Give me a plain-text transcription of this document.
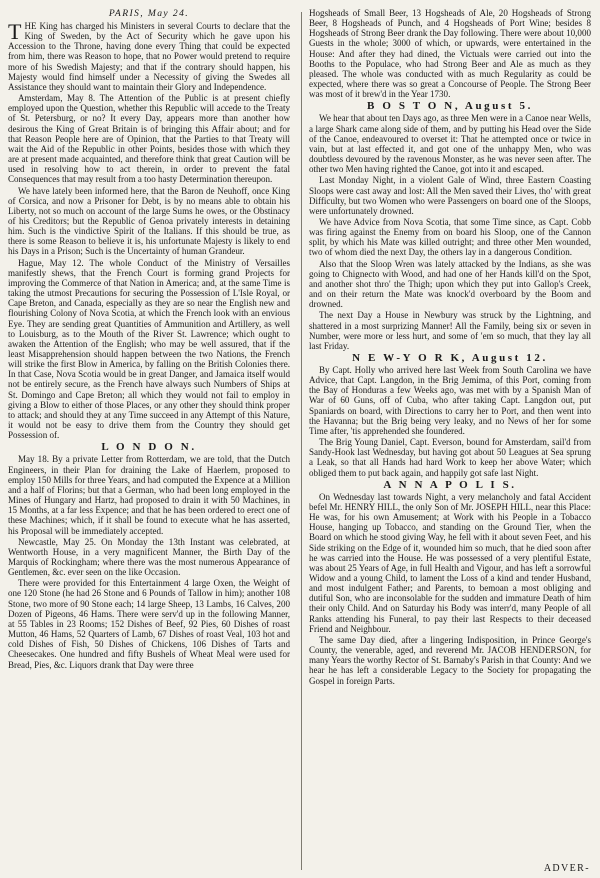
PARIS, May 24.

THE King has charged his Ministers in several Courts to declare that the King of Sweden, by the Act of Security which he gave upon his Accession to the Throne, having done every Thing that could be expected from him, there was Reason to hope, that no Power would pretend to require more of his Swedish Majesty; and that if the contrary should happen, his Majesty would find himself under a Necessity of giving the Swedes all Assistance they should want to maintain their Glory and Independence.

Amsterdam, May 8. The Attention of the Public is at present chiefly employed upon the Question, whether this Republic will accede to the Treaty of St. Petersburg, or no? It every Day, appears more than another how desirous the King of Great Britain is of bringing this Affair about; and for that Reason People here are of Opinion, that the Parties to that Treaty will wait the Aid of the Republic in other Points, besides those with which they are at present made acquainted, and therefore think that great Caution will be used in resolving how to act therein, in order to prevent the fatal Consequences that may result from a too hasty Determination thereupon.

We have lately been informed here, that the Baron de Neuhoff, once King of Corsica, and now a Prisoner for Debt, is by no means able to obtain his Liberty, not so much on account of the large Sums he owes, or the Obstinacy of his Creditors; but the Republic of Genoa privately interests in detaining him. Such is the vindictive Spirit of the Italians. If this should be true, as there is some Reason to believe it is, his unfortunate Majesty is likely to end his Days in a Prison; Such is the Uncertainty of human Grandeur.

Hague, May 12. The whole Conduct of the Ministry of Versailles manifestly shews, that the French Court is forming grand Projects for improving the Commerce of that Nation in America; and, at the same Time is taking the utmost Precautions for securing the Possession of L'Isle Royal, or Cape Breton, and Canada, especially as they are so near the English new and flourishing Colony of Nova Scotia, at which the French look with an envious Eye. They are sending great Quantities of Ammunition and Artillery, as well to Louisburg, as to the Mouth of the River St. Lawrence; which ought to awaken the Attention of the English; who may be well assured, that if the least Misapprehension should happen between the two Nations, the French will strike the first Blow in America, by falling on the British Colonies there. In that Case, Nova Scotia would be in great Danger, and Jamaica itself would not be entirely secure, as the French have always such Numbers of Ships at St. Domingo and Cape Breton; all which they would not fail to employ in giving a Blow to either of those Places, or any other they should think proper to attack; and should they at any Time succeed in any Attempt of this Nature, it would not be easy to drive them from the Country they should get Possession of.

L O N D O N.

May 18. By a private Letter from Rotterdam, we are told, that the Dutch Engineers, in their Plan for draining the Lake of Haerlem, proposed to employ 150 Mills for three Years, and had computed the Expence at a Million and a half of Florins; but that a German, who had been long employed in the Mines of Hungary and Hartz, had proposed to drain it with 50 Machines, in 15 Months, at a far less Expence; and that he has been ordered to erect one of these Machines; which, if it shall be found to execute what he has asserted, his Proposal will be immediately accepted.

Newcastle, May 25. On Monday the 13th Instant was celebrated, at Wentworth House, in a very magnificent Manner, the Birth Day of the Marquis of Rockingham; where there was the most numerous Appearance of Gentlemen, &c. ever seen on the like Occasion.

There were provided for this Entertainment 4 large Oxen, the Weight of one 120 Stone (he had 26 Stone and 6 Pounds of Tallow in him); another 108 Stone, two more of 90 Stone each; 14 large Sheep, 13 Lambs, 16 Calves, 200 Dozen of Pigeons, 46 Hams. There were serv'd up in the following Manner, at 55 Tables in 23 Rooms; 152 Dishes of Beef, 92 Pies, 60 Dishes of roast Mutton, 46 Hams, 52 Quarters of Lamb, 67 Dishes of roast Veal, 103 hot and cold Dishes of Fish, 50 Dishes of Chickens, 106 Dishes of Tarts and Cheesecakes. One hundred and fifty Bushels of Wheat Meal were used for Bread, Pies, &c. Liquors drank that Day were three

Hogsheads of Small Beer, 13 Hogsheads of Ale, 20 Hogsheads of Strong Beer, 8 Hogsheads of Punch, and 4 Hogsheads of Port Wine; besides 8 Hogsheads of Strong Beer drank the Day following. There were about 10,000 Guests in the whole; 3000 of which, or upwards, were entertained in the House: And after they had dined, the Victuals were carried out into the Booths to the Populace, who had Strong Beer and Ale as much as they pleased. The whole was conducted with as much Regularity as could be expected, where there was so great a Concourse of People. The Strong Beer was most of it brew'd in the Year 1730.

B O S T O N, August 5.

We hear that about ten Days ago, as three Men were in a Canoe near Wells, a large Shark came along side of them, and by putting his Head over the Side of the Canoe, endeavoured to overset it: That he attempted once or twice in vain, but at last effected it, and got one of the unhappy Men, who was doubtless devoured by the ravenous Monster, as he was never seen after. The other two Men having righted the Canoe, got into it and escaped.

Last Monday Night, in a violent Gale of Wind, three Eastern Coasting Sloops were cast away and lost: All the Men saved their Lives, tho' with great Difficulty, but two Women who were Passengers on board one of the Sloops, were unfortunately drowned.

We have Advice from Nova Scotia, that some Time since, as Capt. Cobb was firing against the Enemy from on board his Sloop, one of the Cannon split, by which his Mate was killed outright; and three other Men wounded, two of whom died the next Day, the others lay in a dangerous Condition.

Also that the Sloop Wren was lately attacked by the Indians, as she was going to Chignecto with Wood, and had one of her Hands kill'd on the Spot, and another shot thro' the Thigh; upon which they put into Gallop's Creek, and on their return the Mate was knock'd overboard by the Boom and drowned.

The next Day a House in Newbury was struck by the Lightning, and shattered in a most surprizing Manner! All the Family, being six or seven in Number, were more or less hurt, and some of 'em so much, that they lay all last Friday.

N E W-Y O R K, August 12.

By Capt. Holly who arrived here last Week from South Carolina we have Advice, that Capt. Langdon, in the Brig Jemima, of this Port, coming from the Bay of Honduras a few Weeks ago, was met with by a Spanish Man of War of 60 Guns, off of Cuba, who after taking Capt. Langdon out, put Spaniards on board, with Directions to carry her to Port, and then went into the Havanna; but the Brig being very leaky, and no News of her for some Time after, 'tis apprehended she foundered.

The Brig Young Daniel, Capt. Everson, bound for Amsterdam, sail'd from Sandy-Hook last Wednesday, but having got about 50 Leagues at Sea sprung a Leak, so that all Hands had hard Work to keep her above Water; which obliged them to put back again, and happily got safe last Night.

A N N A P O L I S.

On Wednesday last towards Night, a very melancholy and fatal Accident befel Mr. HENRY HILL, the only Son of Mr. JOSEPH HILL, near this Place: He was, for his own Amusement; at Work with his People in a Tobacco House, hanging up Tobacco, and standing on the Ground Tier, when the Board on which he stood giving Way, he fell with it about seven Feet, and his Side striking on the Edge of it, wounded him so much, that he died soon after he was carried into the House. He was possessed of a very plentiful Estate, was about 25 Years of Age, in full Health and Vigour, and has left a sorrowful Widow and a young Child, to lament the Loss of a kind and tender Husband, and most indulgent Father; and Parents, to bemoan a most obliging and dutiful Son, who are inconsolable for the sudden and immature Death of him their only Child. And on Saturday his Body was interr'd, many People of all Ranks attending his Funeral, to pay their last Respects to their deceased Friend and Neighbour.

The same Day died, after a lingering Indisposition, in Prince George's County, the venerable, aged, and reverend Mr. JACOB HENDERSON, for many Years the worthy Rector of St. Barnaby's Parish in that County: And we hear he has left a considerable Legacy to the Society for propagating the Gospel in foreign Parts.

ADVER-
